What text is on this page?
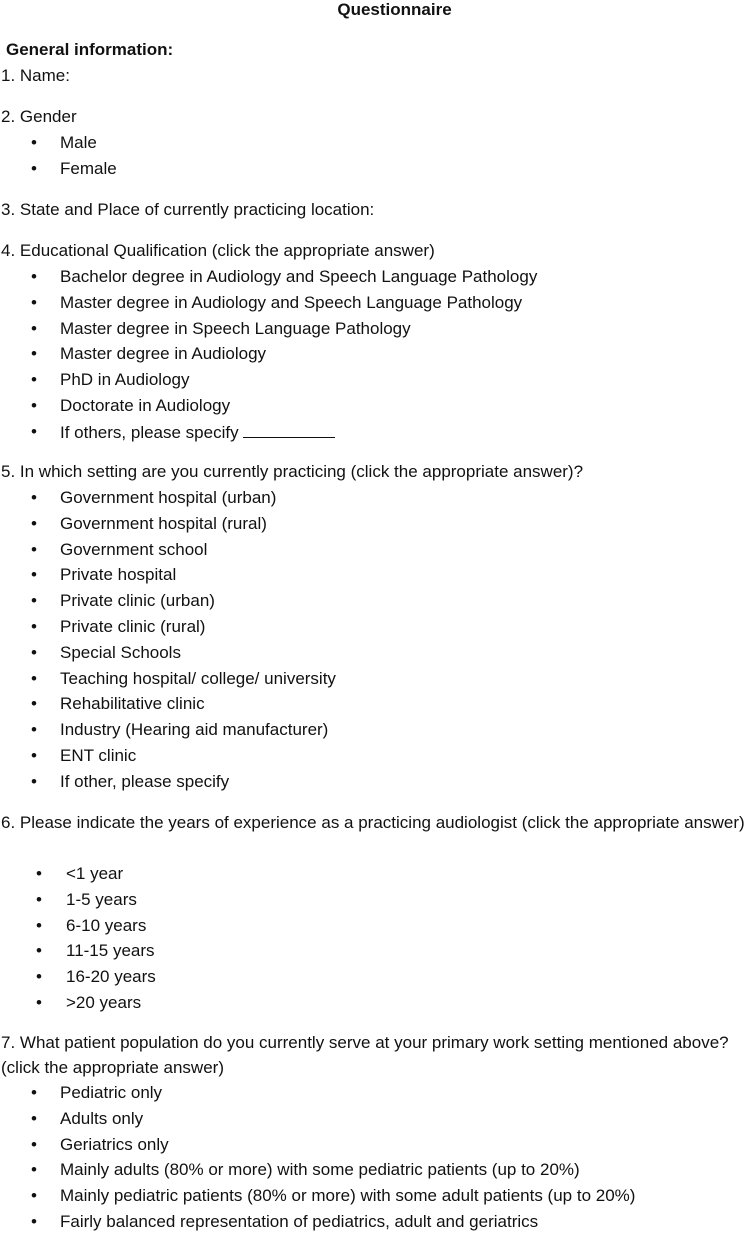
Questionnaire
General information:

1. Name:

2. Gender

• Male
• Female

3. State and Place of currently practicing location:

4. Educational Qualification (click the appropriate answer)

• Bachelor degree in Audiology and Speech Language Pathology
• Master degree in Audiology and Speech Language Pathology
• Master degree in Speech Language Pathology
• Master degree in Audiology
• PhD in Audiology
• Doctorate in Audiology
• If others, please specify

5. In which setting are you currently practicing (click the appropriate answer)?

• Government hospital (urban)
• Government hospital (rural)
• Government school
• Private hospital
• Private clinic (urban)
• Private clinic (rural)
• Special Schools
• Teaching hospital/ college/ university
• Rehabilitative clinic
• Industry (Hearing aid manufacturer)
• ENT clinic
• If other, please specify

6. Please indicate the years of experience as a practicing audiologist (click the appropriate answer)

• <1 year
• 1-5 years
• 6-10 years
• 11-15 years
• 16-20 years
• >20 years

7. What patient population do you currently serve at your primary work setting mentioned above? (click the appropriate answer)

• Pediatric only
• Adults only
• Geriatrics only
• Mainly adults (80% or more) with some pediatric patients (up to 20%)
• Mainly pediatric patients (80% or more) with some adult patients (up to 20%)
• Fairly balanced representation of pediatrics, adult and geriatrics
